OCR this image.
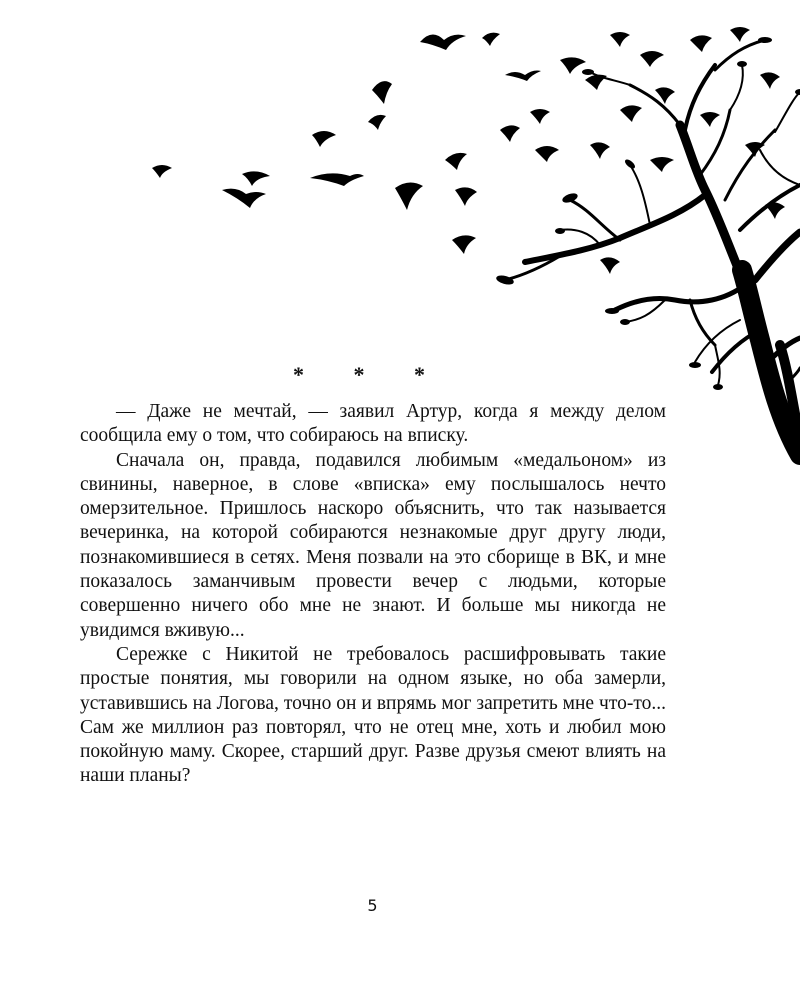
* * *

— Даже не мечтай, — заявил Артур, когда я между делом сообщила ему о том, что собираюсь на вписку.

Сначала он, правда, подавился любимым «медальоном» из свинины, наверное, в слове «вписка» ему послышалось нечто омерзительное. Пришлось наскоро объяснить, что так называется вечеринка, на которой собираются незнакомые друг другу люди, познакомившиеся в сетях. Меня позвали на это сборище в ВК, и мне показалось заманчивым провести вечер с людьми, которые совершенно ничего обо мне не знают. И больше мы никогда не увидимся вживую...

Сережке с Никитой не требовалось расшифровывать такие простые понятия, мы говорили на одном языке, но оба замерли, уставившись на Логова, точно он и впрямь мог запретить мне что-то... Сам же миллион раз повторял, что не отец мне, хоть и любил мою покойную маму. Скорее, старший друг. Разве друзья смеют влиять на наши планы?

5
